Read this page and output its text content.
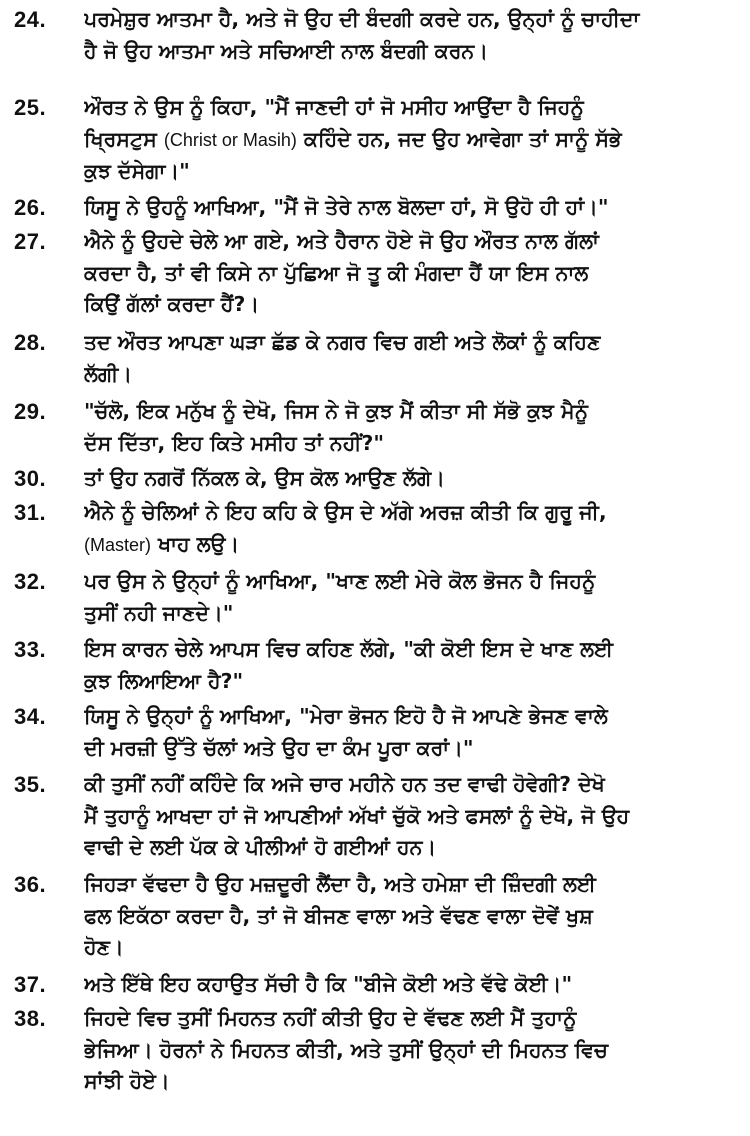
24.	ਪਰਮੇਸ਼ੁਰ ਆਤਮਾ ਹੈ, ਅਤੇ ਜੋ ਉਹ ਦੀ ਬੰਦਗੀ ਕਰਦੇ ਹਨ, ਉਨ੍ਹਾਂ ਨੂੰ ਚਾਹੀਦਾ
ਹੈ ਜੋ ਉਹ ਆਤਮਾ ਅਤੇ ਸਚਿਆਈ ਨਾਲ ਬੰਦਗੀ ਕਰਨ।
25.	ਔਰਤ ਨੇ ਉਸ ਨੂੰ ਕਿਹਾ, "ਮੈਂ ਜਾਣਦੀ ਹਾਂ ਜੋ ਮਸੀਹ ਆਉਂਦਾ ਹੈ ਜਿਹਨੂੰ
ਖ੍ਰਿਸਟੁਸ (Christ or Masih) ਕਹਿੰਦੇ ਹਨ, ਜਦ ਉਹ ਆਵੇਗਾ ਤਾਂ ਸਾਨੂੰ ਸੱਭੇ
ਕੁਝ ਦੱਸੇਗਾ।"
26.	ਯਿਸੂ ਨੇ ਉਹਨੂੰ ਆਖਿਆ, "ਮੈਂ ਜੋ ਤੇਰੇ ਨਾਲ ਬੋਲਦਾ ਹਾਂ, ਸੋ ਉਹੋ ਹੀ ਹਾਂ।"
27.	ਐਨੇ ਨੂੰ ਉਹਦੇ ਚੇਲੇ ਆ ਗਏ, ਅਤੇ ਹੈਰਾਨ ਹੋਏ ਜੋ ਉਹ ਔਰਤ ਨਾਲ ਗੱਲਾਂ
ਕਰਦਾ ਹੈ, ਤਾਂ ਵੀ ਕਿਸੇ ਨਾ ਪੁੱਛਿਆ ਜੋ ਤੂ ਕੀ ਮੰਗਦਾ ਹੈਂ ਯਾ ਇਸ ਨਾਲ
ਕਿਉਂ ਗੱਲਾਂ ਕਰਦਾ ਹੈਂ?।
28.	ਤਦ ਔਰਤ ਆਪਣਾ ਘੜਾ ਛੱਡ ਕੇ ਨਗਰ ਵਿਚ ਗਈ ਅਤੇ ਲੋਕਾਂ ਨੂੰ ਕਹਿਣ
ਲੱਗੀ।
29.	"ਚੱਲੋ, ਇਕ ਮਨੁੱਖ ਨੂੰ ਦੇਖੋ, ਜਿਸ ਨੇ ਜੋ ਕੁਝ ਮੈਂ ਕੀਤਾ ਸੀ ਸੱਭੋ ਕੁਝ ਮੈਨੂੰ
ਦੱਸ ਦਿੱਤਾ, ਇਹ ਕਿਤੇ ਮਸੀਹ ਤਾਂ ਨਹੀਂ?"
30.	ਤਾਂ ਉਹ ਨਗਰੋਂ ਨਿੱਕਲ ਕੇ, ਉਸ ਕੋਲ ਆਉਣ ਲੱਗੇ।
31.	ਐਨੇ ਨੂੰ ਚੇਲਿਆਂ ਨੇ ਇਹ ਕਹਿ ਕੇ ਉਸ ਦੇ ਅੱਗੇ ਅਰਜ਼ ਕੀਤੀ ਕਿ ਗੁਰੂ ਜੀ,
(Master) ਖਾਹ ਲਉ।
32.	ਪਰ ਉਸ ਨੇ ਉਨ੍ਹਾਂ ਨੂੰ ਆਖਿਆ, "ਖਾਣ ਲਈ ਮੇਰੇ ਕੋਲ ਭੋਜਨ ਹੈ ਜਿਹਨੂੰ
ਤੁਸੀਂ ਨਹੀ ਜਾਣਦੇ।"
33.	ਇਸ ਕਾਰਨ ਚੇਲੇ ਆਪਸ ਵਿਚ ਕਹਿਣ ਲੱਗੇ, "ਕੀ ਕੋਈ ਇਸ ਦੇ ਖਾਣ ਲਈ
ਕੁਝ ਲਿਆਇਆ ਹੈ?"
34.	ਯਿਸੂ ਨੇ ਉਨ੍ਹਾਂ ਨੂੰ ਆਖਿਆ, "ਮੇਰਾ ਭੋਜਨ ਇਹੋ ਹੈ ਜੋ ਆਪਣੇ ਭੇਜਣ ਵਾਲੇ
ਦੀ ਮਰਜ਼ੀ ਉੱਤੇ ਚੱਲਾਂ ਅਤੇ ਉਹ ਦਾ ਕੰਮ ਪੂਰਾ ਕਰਾਂ।"
35.	ਕੀ ਤੁਸੀਂ ਨਹੀਂ ਕਹਿੰਦੇ ਕਿ ਅਜੇ ਚਾਰ ਮਹੀਨੇ ਹਨ ਤਦ ਵਾਢੀ ਹੋਵੇਗੀ? ਦੇਖੋ
ਮੈਂ ਤੁਹਾਨੂੰ ਆਖਦਾ ਹਾਂ ਜੋ ਆਪਣੀਆਂ ਅੱਖਾਂ ਚੁੱਕੋ ਅਤੇ ਫਸਲਾਂ ਨੂੰ ਦੇਖੋ, ਜੋ ਉਹ
ਵਾਢੀ ਦੇ ਲਈ ਪੱਕ ਕੇ ਪੀਲੀਆਂ ਹੋ ਗਈਆਂ ਹਨ।
36.	ਜਿਹੜਾ ਵੱਢਦਾ ਹੈ ਉਹ ਮਜ਼ਦੂਰੀ ਲੈਂਦਾ ਹੈ, ਅਤੇ ਹਮੇਸ਼ਾ ਦੀ ਜ਼ਿੰਦਗੀ ਲਈ
ਫਲ ਇਕੱਠਾ ਕਰਦਾ ਹੈ, ਤਾਂ ਜੋ ਬੀਜਣ ਵਾਲਾ ਅਤੇ ਵੱਢਣ ਵਾਲਾ ਦੋਵੇਂ ਖੁਸ਼
ਹੋਣ।
37.	ਅਤੇ ਇੱਥੇ ਇਹ ਕਹਾਉਤ ਸੱਚੀ ਹੈ ਕਿ "ਬੀਜੇ ਕੋਈ ਅਤੇ ਵੱਢੇ ਕੋਈ।"
38.	ਜਿਹਦੇ ਵਿਚ ਤੁਸੀਂ ਮਿਹਨਤ ਨਹੀਂ ਕੀਤੀ ਉਹ ਦੇ ਵੱਢਣ ਲਈ ਮੈਂ ਤੁਹਾਨੂੰ
ਭੇਜਿਆ। ਹੋਰਨਾਂ ਨੇ ਮਿਹਨਤ ਕੀਤੀ, ਅਤੇ ਤੁਸੀਂ ਉਨ੍ਹਾਂ ਦੀ ਮਿਹਨਤ ਵਿਚ
ਸਾਂਝੀ ਹੋਏ।
